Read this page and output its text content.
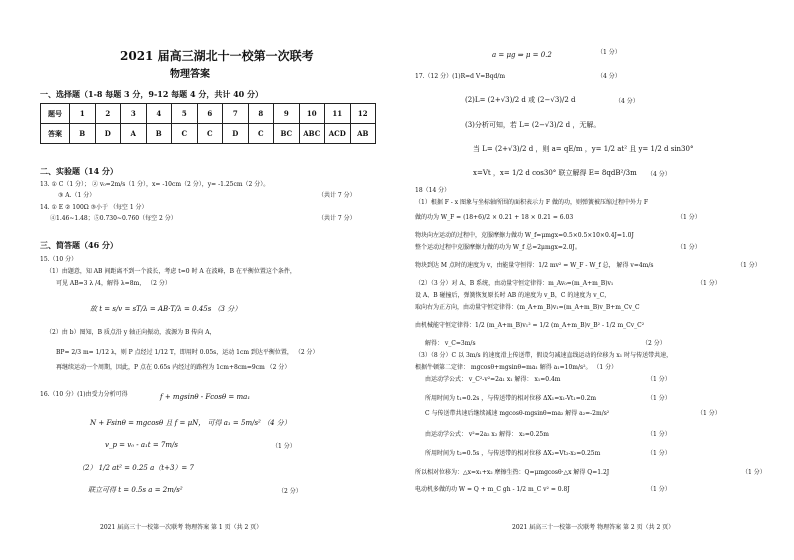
2021 届高三湖北十一校第一次联考
物理答案
一、选择题（1-8 每题 3 分，9-12 每题 4 分，共计 40 分）
题号	1	2	3	4	5	6	7	8	9	10	11	12
答案	B	D	A	B	C	C	D	C	BC	ABC	ACD	AB
二、实验题（14 分）
13. ① C（1 分）； ② v₀=2m/s（1 分），x= -10cm（2 分），y= -1.25cm（2 分）。
③ A.（1 分）	（共计 7 分）
14. ① E ② 100Ω ③小于 （每空 1 分）
④1.46~1.48；⑤0.730~0.760（每空 2 分）	（共计 7 分）
三、简答题（46 分）
15.（10 分）
（1）由题意，知 AB 间距离不到一个波长，考虑 t=0 时 A 在波峰，B 在平衡位置这个条件，
可见 AB=3 λ /4，解得 λ=8m， （2 分）
故 t = s/v = sT/λ = AB·T/λ = 0.45s （3 分）
（2）由 b）图知，B 质点沿 y 轴正向振动，波源为 B 传向 A，
BP= 2/3 m= 1/12 λ，则 P 点经过 1/12 T，即用时 0.05s，运动 1cm 到达平衡位置， （2 分）
再继续运动一个周期，因此，P 点在 0.65s 内经过的路程为 1cm+8cm=9cm （2 分）
16.（10 分）(1)由受力分析可得	f + mgsinθ - Fcosθ = ma₁
N + Fsinθ = mgcosθ 且 f = μN， 可得 a₁ = 5m/s² （4 分）
v_p = v₀ - a₁t = 7m/s	（1 分）
（2） 1/2 at² = 0.25 a（t+3）= 7
联立可得 t = 0.5s a = 2m/s²	（2 分）
2021 届高三十一校第一次联考 物理答案 第 1 页（共 2 页）
a = μg ⇒ μ = 0.2	（1 分）
17.（12 分）(1)R=d V=Bqd/m	（4 分）
(2)L= (2+√3)/2 d 或 (2−√3)/2 d	（4 分）
(3)分析可知，若 L= (2−√3)/2 d ，无解。
当 L= (2+√3)/2 d ，则 a= qE/m ，y= 1/2 at² 且 y= 1/2 d sin30°
x=Vt ，x= 1/2 d cos30° 联立解得 E= 8qdB²/3m （4 分）
18（14 分）
（1）根据 F - x 图象与坐标轴所围的面积表示力 F 做的功，则弹簧被压缩过程中外力 F
做的功为 W_F = (18+6)/2 × 0.21 + 18 × 0.21 = 6.03	（1 分）
物块向左运动的过程中，克服摩擦力做功 W_f=μmgx=0.5×0.5×10×0.4J=1.0J
整个运动过程中克服摩擦力做的功为 W_f 总=2μmgx=2.0J。	（1 分）
物块到达 M 点时的速度为 v，由能量守恒得：1/2 mv² = W_F - W_f 总， 解得 v=4m/s	（1 分）
（2）（3 分）对 A、B 系统，由动量守恒定律得：m_Av₀=(m_A+m_B)v₁	（1 分）
设 A、B 碰撞后，弹簧恢复原长时 AB 的速度为 v_B，C 的速度为 v_C，
取向右为正方向，由动量守恒定律得：(m_A+m_B)v₁=(m_A+m_B)v_B+m_Cv_C
由机械能守恒定律得：1/2 (m_A+m_B)v₁² = 1/2 (m_A+m_B)v_B² - 1/2 m_Cv_C²
解得： v_C=3m/s	（2 分）
（3）（8 分）C 以 3m/s 的速度滑上传送带，假设匀减速直线运动的位移为 x₁ 时与传送带共速，
根据牛顿第二定律： mgcosθ+mgsinθ=ma₁ 解得 a₁=10m/s²。 （1 分）
由运动学公式： v_C²-v²=2a₁ x₁ 解得： x₁=0.4m	（1 分）
所用时间为 t₁=0.2s ，与传送带的相对位移 ΔX₁=x₁-Vt₁=0.2m	（1 分）
C 与传送带共速后继续减速 mgcosθ-mgsinθ=ma₂ 解得 a₂=-2m/s²	（1 分）
由运动学公式： v²=2a₂ x₂ 解得： x₂=0.25m	（1 分）
所用时间为 t₂=0.5s ，与传送带的相对位移 ΔX₂=Vt₂-x₂=0.25m	（1 分）
所以相对位移为：△x=x₁+x₂ 摩擦生热：Q=μmgcosθ·△x 解得 Q=1.2J	（1 分）
电动机多做的功 W = Q + m_C gh - 1/2 m_C v² = 0.8J	（1 分）
2021 届高三十一校第一次联考 物理答案 第 2 页（共 2 页）
